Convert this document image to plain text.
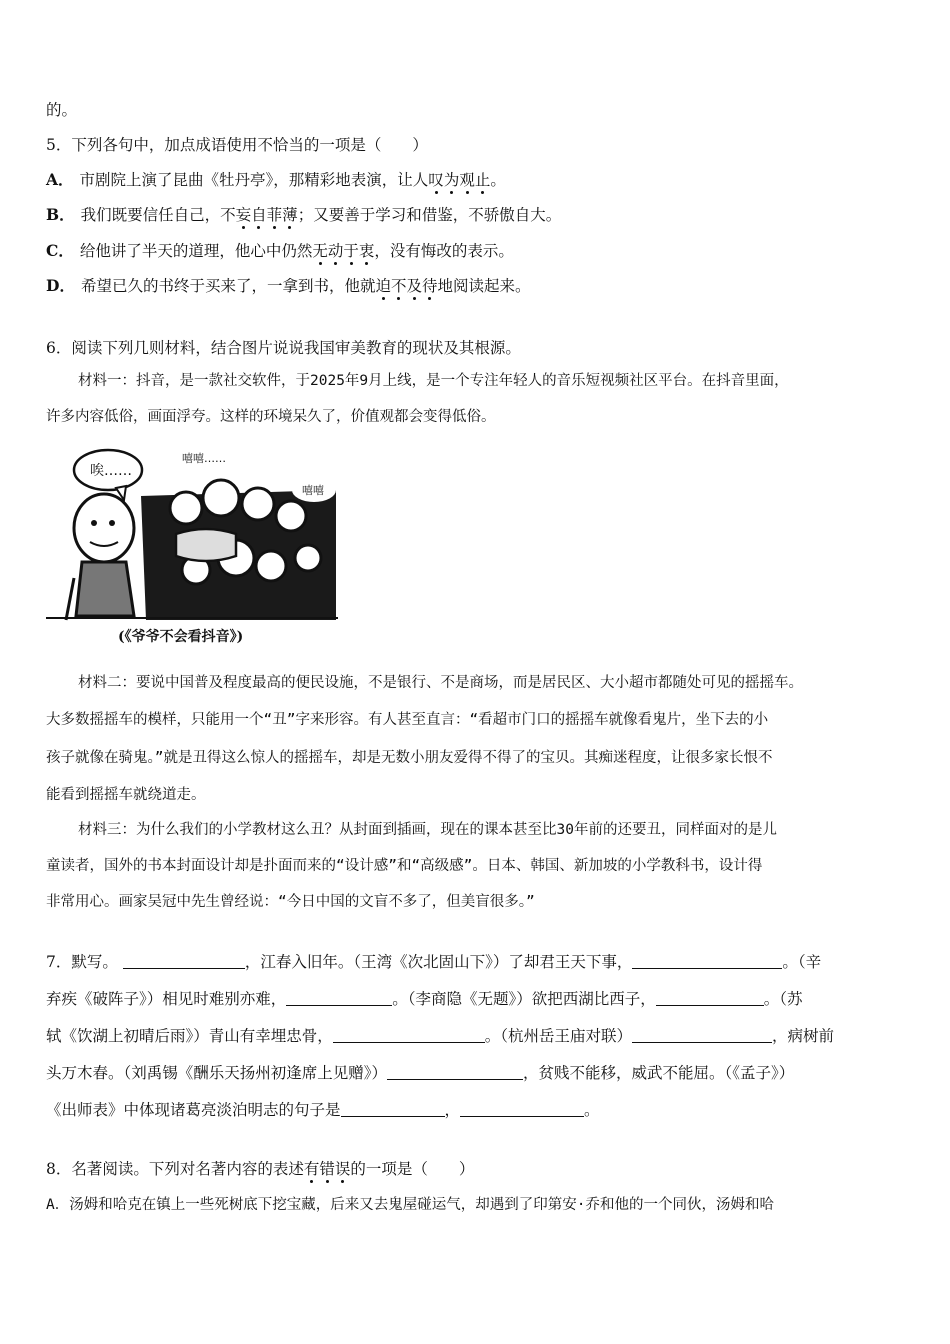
的。
5．下列各句中，加点成语使用不恰当的一项是（　　）
A． 市剧院上演了昆曲《牡丹亭》，那精彩地表演，让人叹为观止。
B． 我们既要信任自己，不妄自菲薄；又要善于学习和借鉴，不骄傲自大。
C． 给他讲了半天的道理，他心中仍然无动于衷，没有悔改的表示。
D． 希望已久的书终于买来了，一拿到书，他就迫不及待地阅读起来。
6．阅读下列几则材料，结合图片说说我国审美教育的现状及其根源。
材料一：抖音，是一款社交软件，于2025年9月上线，是一个专注年轻人的音乐短视频社区平台。在抖音里面，
许多内容低俗，画面浮夸。这样的环境呆久了，价值观都会变得低俗。
唉……
嘻嘻……
嘻嘻
(《爷爷不会看抖音》)
材料二：要说中国普及程度最高的便民设施，不是银行、不是商场，而是居民区、大小超市都随处可见的摇摇车。
大多数摇摇车的模样，只能用一个“丑”字来形容。有人甚至直言：“看超市门口的摇摇车就像看鬼片，坐下去的小
孩子就像在骑鬼。”就是丑得这么惊人的摇摇车，却是无数小朋友爱得不得了的宝贝。其痴迷程度，让很多家长恨不
能看到摇摇车就绕道走。
材料三：为什么我们的小学教材这么丑？从封面到插画，现在的课本甚至比30年前的还要丑，同样面对的是儿
童读者，国外的书本封面设计却是扑面而来的“设计感”和“高级感”。日本、韩国、新加坡的小学教科书，设计得
非常用心。画家吴冠中先生曾经说：“今日中国的文盲不多了，但美盲很多。”
7．默写。	，江春入旧年。（王湾《次北固山下》）了却君王天下事，	。（辛
弃疾《破阵子》）相见时难别亦难，	。（李商隐《无题》）欲把西湖比西子，	。（苏
轼《饮湖上初晴后雨》）青山有幸埋忠骨，	。（杭州岳王庙对联）	，病树前
头万木春。（刘禹锡《酬乐天扬州初逢席上见赠》）	，贫贱不能移，威武不能屈。（《孟子》）
《出师表》中体现诸葛亮淡泊明志的句子是	，	。
8．名著阅读。下列对名著内容的表述有错误的一项是（　　）
A．汤姆和哈克在镇上一些死树底下挖宝藏，后来又去鬼屋碰运气，却遇到了印第安·乔和他的一个同伙，汤姆和哈
